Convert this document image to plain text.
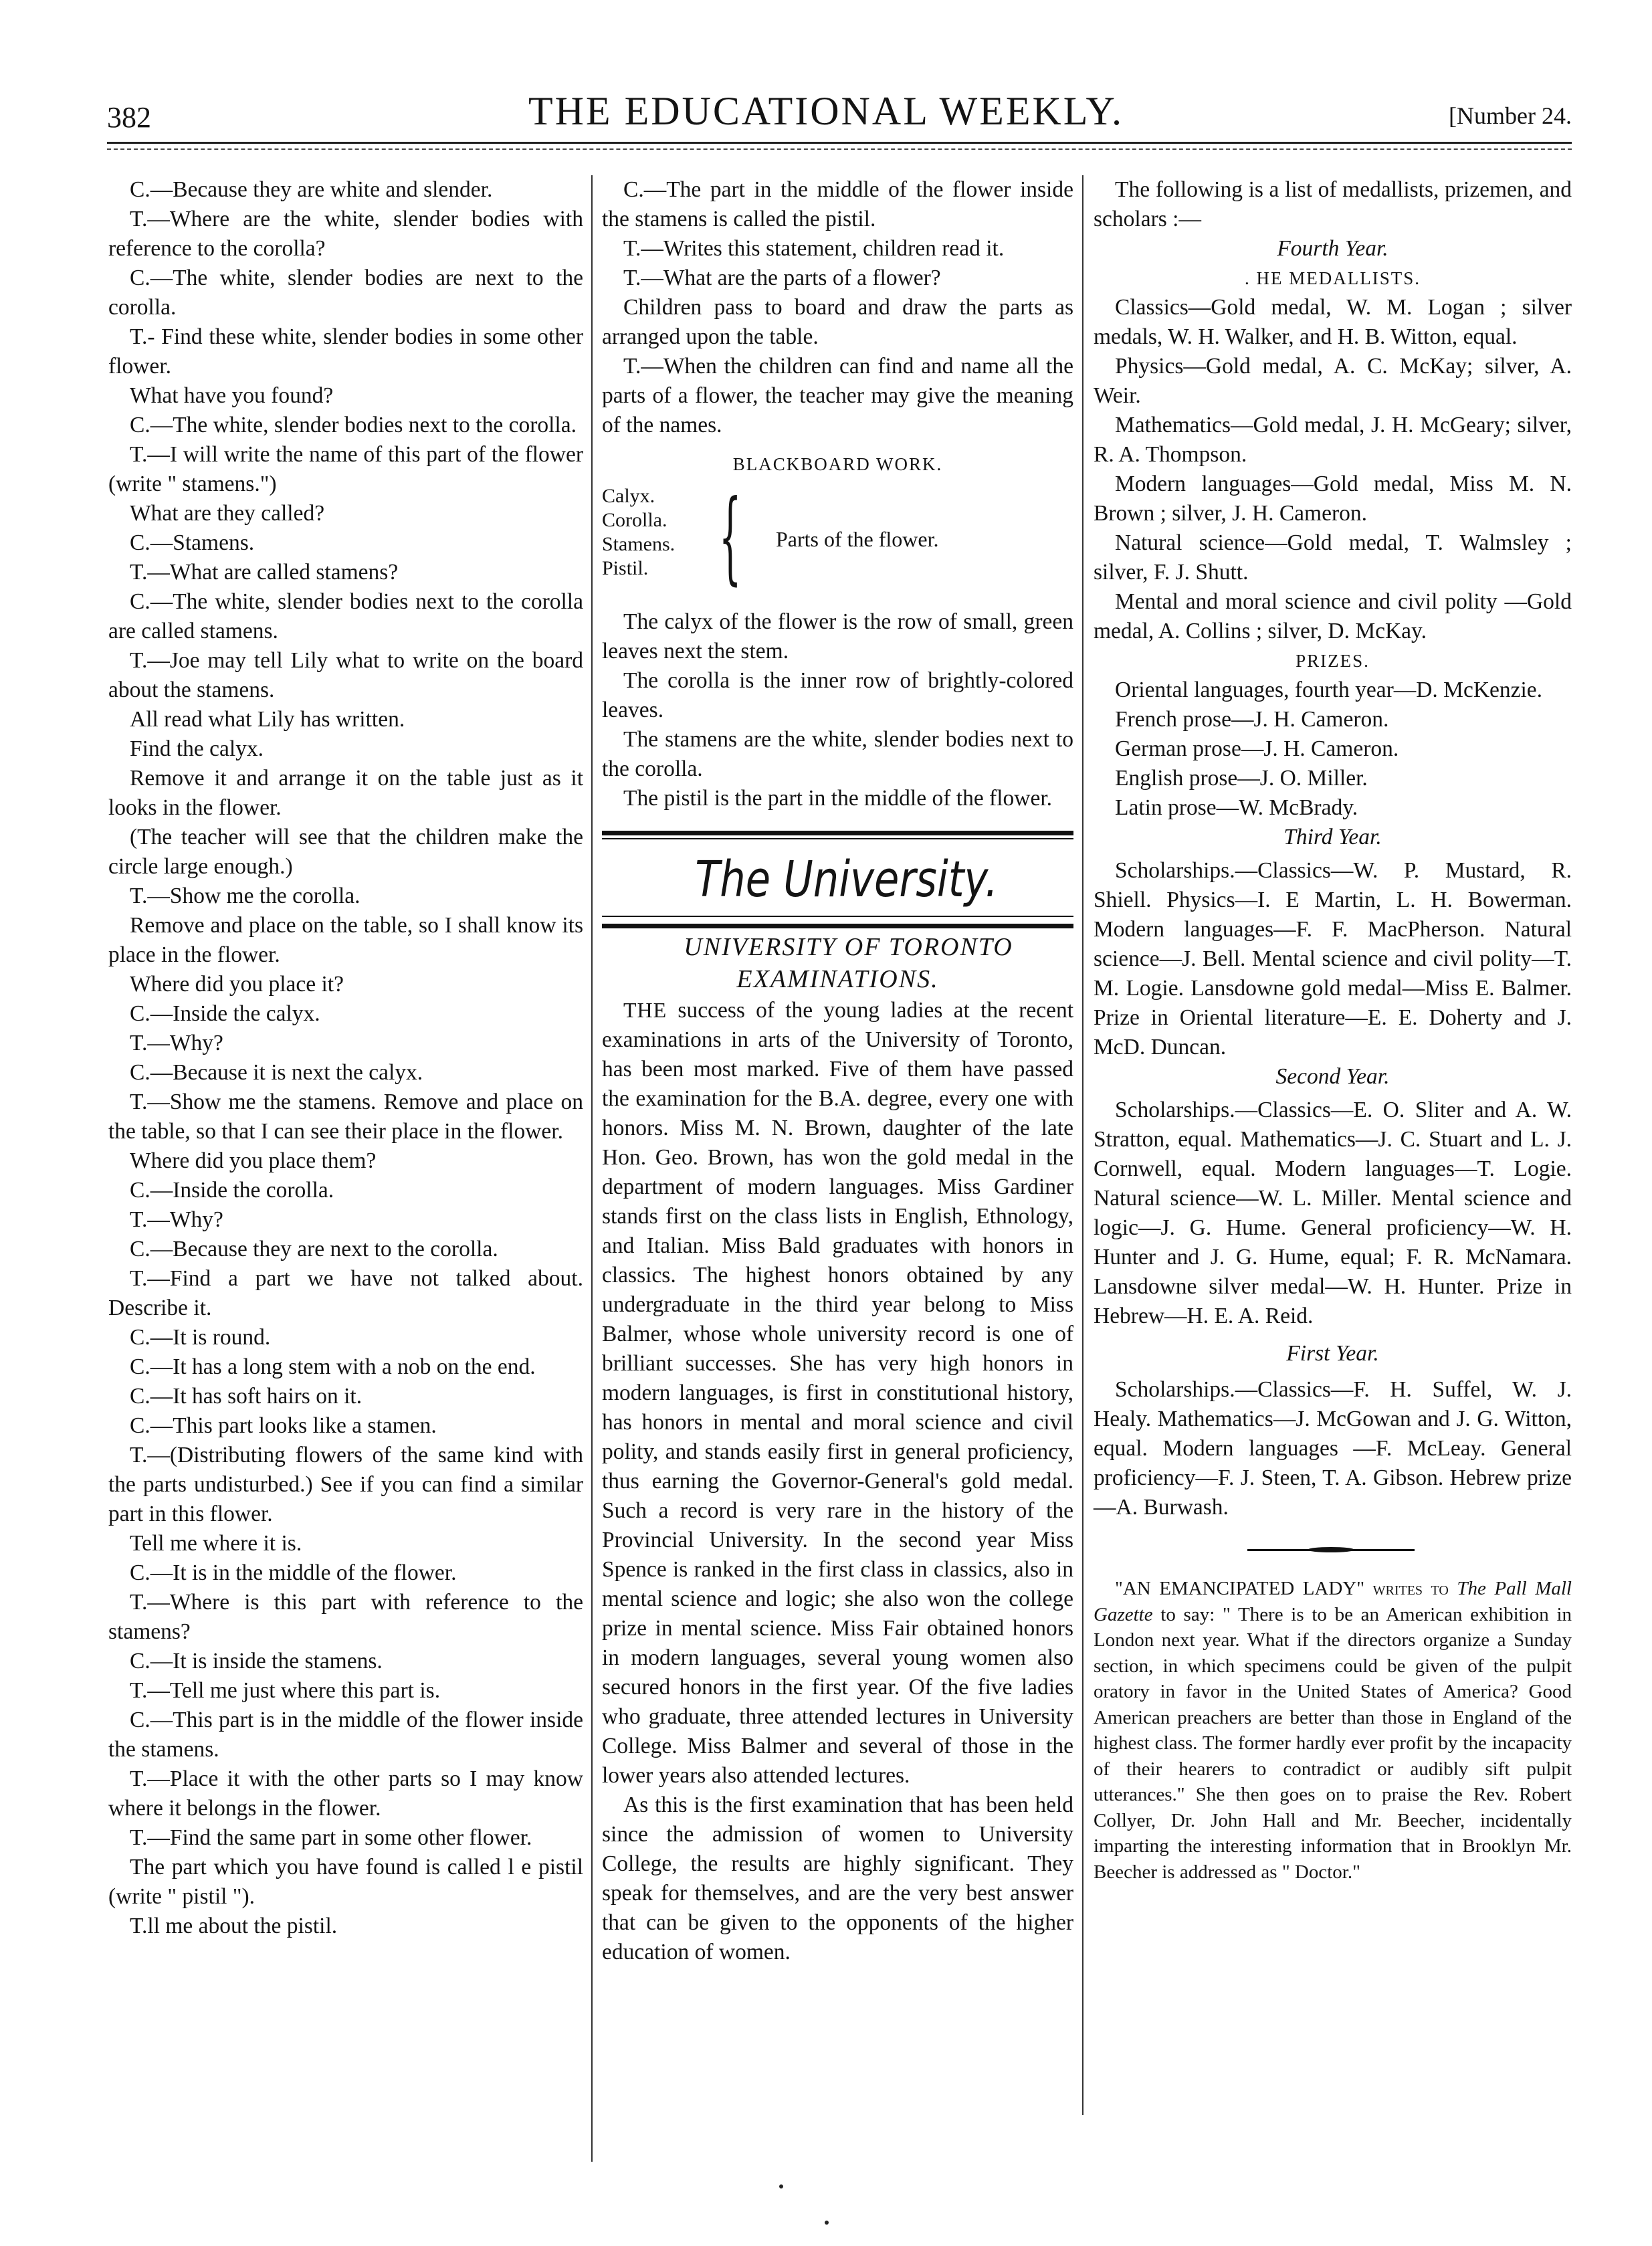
382	THE EDUCATIONAL WEEKLY.	[Number 24.

C.—Because they are white and slender.

T.—Where are the white, slender bodies with reference to the corolla?

C.—The white, slender bodies are next to the corolla.

T.- Find these white, slender bodies in some other flower.

What have you found?

C.—The white, slender bodies next to the corolla.

T.—I will write the name of this part of the flower (write " stamens.")

What are they called?

C.—Stamens.

T.—What are called stamens?

C.—The white, slender bodies next to the corolla are called stamens.

T.—Joe may tell Lily what to write on the board about the stamens.

All read what Lily has written.

Find the calyx.

Remove it and arrange it on the table just as it looks in the flower.

(The teacher will see that the children make the circle large enough.)

T.—Show me the corolla.

Remove and place on the table, so I shall know its place in the flower.

Where did you place it?

C.—Inside the calyx.

T.—Why?

C.—Because it is next the calyx.

T.—Show me the stamens. Remove and place on the table, so that I can see their place in the flower.

Where did you place them?

C.—Inside the corolla.

T.—Why?

C.—Because they are next to the corolla.

T.—Find a part we have not talked about. Describe it.

C.—It is round.

C.—It has a long stem with a nob on the end.

C.—It has soft hairs on it.

C.—This part looks like a stamen.

T.—(Distributing flowers of the same kind with the parts undisturbed.) See if you can find a similar part in this flower.

Tell me where it is.

C.—It is in the middle of the flower.

T.—Where is this part with reference to the stamens?

C.—It is inside the stamens.

T.—Tell me just where this part is.

C.—This part is in the middle of the flower inside the stamens.

T.—Place it with the other parts so I may know where it belongs in the flower.

T.—Find the same part in some other flower.

The part which you have found is called l e pistil (write " pistil ").

T.ll me about the pistil.

C.—The part in the middle of the flower inside the stamens is called the pistil.

T.—Writes this statement, children read it.

T.—What are the parts of a flower?

Children pass to board and draw the parts as arranged upon the table.

T.—When the children can find and name all the parts of a flower, the teacher may give the meaning of the names.

BLACKBOARD WORK.

Calyx.
Corolla.
Stamens.
Pistil. { Parts of the flower.

The calyx of the flower is the row of small, green leaves next the stem.

The corolla is the inner row of brightly-colored leaves.

The stamens are the white, slender bodies next to the corolla.

The pistil is the part in the middle of the flower.

The University.

UNIVERSITY OF TORONTO EXAMINATIONS.

THE success of the young ladies at the recent examinations in arts of the University of Toronto, has been most marked. Five of them have passed the examination for the B.A. degree, every one with honors. Miss M. N. Brown, daughter of the late Hon. Geo. Brown, has won the gold medal in the department of modern languages. Miss Gardiner stands first on the class lists in English, Ethnology, and Italian. Miss Bald graduates with honors in classics. The highest honors obtained by any undergraduate in the third year belong to Miss Balmer, whose whole university record is one of brilliant successes. She has very high honors in modern languages, is first in constitutional history, has honors in mental and moral science and civil polity, and stands easily first in general proficiency, thus earning the Governor-General's gold medal. Such a record is very rare in the history of the Provincial University. In the second year Miss Spence is ranked in the first class in classics, also in mental science and logic; she also won the college prize in mental science. Miss Fair obtained honors in modern languages, several young women also secured honors in the first year. Of the five ladies who graduate, three attended lectures in University College. Miss Balmer and several of those in the lower years also attended lectures.

As this is the first examination that has been held since the admission of women to University College, the results are highly significant. They speak for themselves, and are the very best answer that can be given to the opponents of the higher education of women.

The following is a list of medallists, prizemen, and scholars :—

Fourth Year.

. HE MEDALLISTS.

Classics—Gold medal, W. M. Logan ; silver medals, W. H. Walker, and H. B. Witton, equal.

Physics—Gold medal, A. C. McKay; silver, A. Weir.

Mathematics—Gold medal, J. H. McGeary; silver, R. A. Thompson.

Modern languages—Gold medal, Miss M. N. Brown ; silver, J. H. Cameron.

Natural science—Gold medal, T. Walmsley ; silver, F. J. Shutt.

Mental and moral science and civil polity —Gold medal, A. Collins ; silver, D. McKay.

PRIZES.

Oriental languages, fourth year—D. McKenzie.

French prose—J. H. Cameron.

German prose—J. H. Cameron.

English prose—J. O. Miller.

Latin prose—W. McBrady.

Third Year.

Scholarships.—Classics—W. P. Mustard, R. Shiell. Physics—I. E Martin, L. H. Bowerman. Modern languages—F. F. MacPherson. Natural science—J. Bell. Mental science and civil polity—T. M. Logie. Lansdowne gold medal—Miss E. Balmer. Prize in Oriental literature—E. E. Doherty and J. McD. Duncan.

Second Year.

Scholarships.—Classics—E. O. Sliter and A. W. Stratton, equal. Mathematics—J. C. Stuart and L. J. Cornwell, equal. Modern languages—T. Logie. Natural science—W. L. Miller. Mental science and logic—J. G. Hume. General proficiency—W. H. Hunter and J. G. Hume, equal; F. R. McNamara. Lansdowne silver medal—W. H. Hunter. Prize in Hebrew—H. E. A. Reid.

First Year.

Scholarships.—Classics—F. H. Suffel, W. J. Healy. Mathematics—J. McGowan and J. G. Witton, equal. Modern languages —F. McLeay. General proficiency—F. J. Steen, T. A. Gibson. Hebrew prize—A. Burwash.

"AN EMANCIPATED LADY" writes to The Pall Mall Gazette to say: " There is to be an American exhibition in London next year. What if the directors organize a Sunday section, in which specimens could be given of the pulpit oratory in favor in the United States of America? Good American preachers are better than those in England of the highest class. The former hardly ever profit by the incapacity of their hearers to contradict or audibly sift pulpit utterances." She then goes on to praise the Rev. Robert Collyer, Dr. John Hall and Mr. Beecher, incidentally imparting the interesting information that in Brooklyn Mr. Beecher is addressed as " Doctor."
